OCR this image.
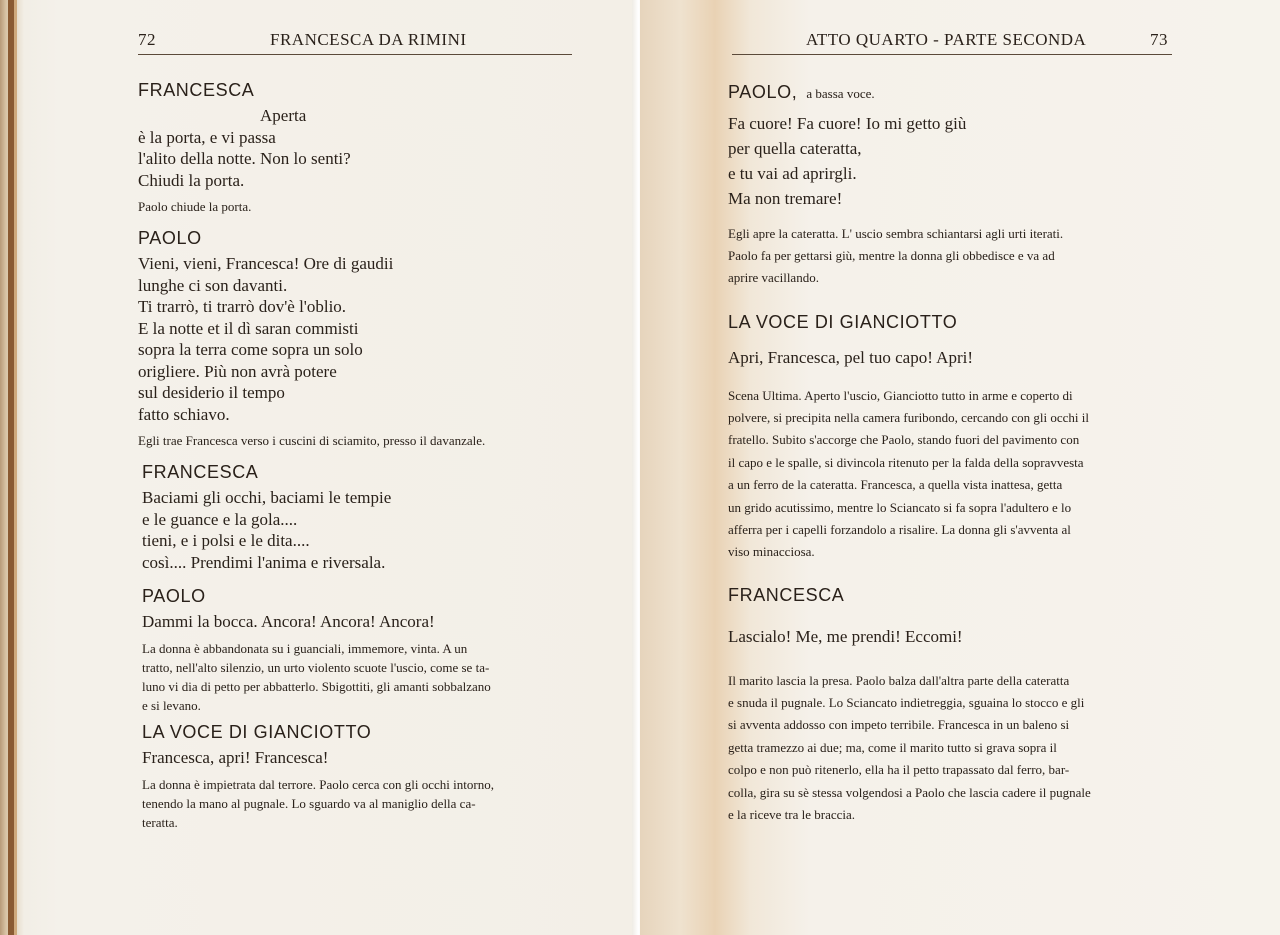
72	FRANCESCA DA RIMINI
FRANCESCA
Aperta
è la porta, e vi passa
l'alito della notte. Non lo senti?
Chiudi la porta.
Paolo chiude la porta.
PAOLO
Vieni, vieni, Francesca! Ore di gaudii
lunghe ci son davanti.
Ti trarrò, ti trarrò dov'è l'oblio.
E la notte et il dì saran commisti
sopra la terra come sopra un solo
origliere. Più non avrà potere
sul desiderio il tempo
fatto schiavo.
Egli trae Francesca verso i cuscini di sciamito, presso il davanzale.
FRANCESCA
Baciami gli occhi, baciami le tempie
e le guance e la gola....
tieni, e i polsi e le dita....
così.... Prendimi l'anima e riversala.
PAOLO
Dammi la bocca. Ancora! Ancora! Ancora!
La donna è abbandonata su i guanciali, immemore, vinta. A un
tratto, nell'alto silenzio, un urto violento scuote l'uscio, come se ta-
luno vi dia di petto per abbatterlo. Sbigottiti, gli amanti sobbalzano
e si levano.
LA VOCE DI GIANCIOTTO
Francesca, apri! Francesca!
La donna è impietrata dal terrore. Paolo cerca con gli occhi intorno,
tenendo la mano al pugnale. Lo sguardo va al maniglio della ca-
teratta.
ATTO QUARTO - PARTE SECONDA	73
PAOLO, a bassa voce.
Fa cuore! Fa cuore! Io mi getto giù
per quella cateratta,
e tu vai ad aprirgli.
Ma non tremare!
Egli apre la cateratta. L' uscio sembra schiantarsi agli urti iterati.
Paolo fa per gettarsi giù, mentre la donna gli obbedisce e va ad
aprire vacillando.
LA VOCE DI GIANCIOTTO
Apri, Francesca, pel tuo capo! Apri!
Scena Ultima. Aperto l'uscio, Gianciotto tutto in arme e coperto di
polvere, si precipita nella camera furibondo, cercando con gli occhi il
fratello. Subito s'accorge che Paolo, stando fuori del pavimento con
il capo e le spalle, si divincola ritenuto per la falda della sopravvesta
a un ferro de la cateratta. Francesca, a quella vista inattesa, getta
un grido acutissimo, mentre lo Sciancato si fa sopra l'adultero e lo
afferra per i capelli forzandolo a risalire. La donna gli s'avventa al
viso minacciosa.
FRANCESCA
Lascialo! Me, me prendi! Eccomi!
Il marito lascia la presa. Paolo balza dall'altra parte della cateratta
e snuda il pugnale. Lo Sciancato indietreggia, sguaina lo stocco e gli
si avventa addosso con impeto terribile. Francesca in un baleno si
getta tramezzo ai due; ma, come il marito tutto si grava sopra il
colpo e non può ritenerlo, ella ha il petto trapassato dal ferro, bar-
colla, gira su sè stessa volgendosi a Paolo che lascia cadere il pugnale
e la riceve tra le braccia.
